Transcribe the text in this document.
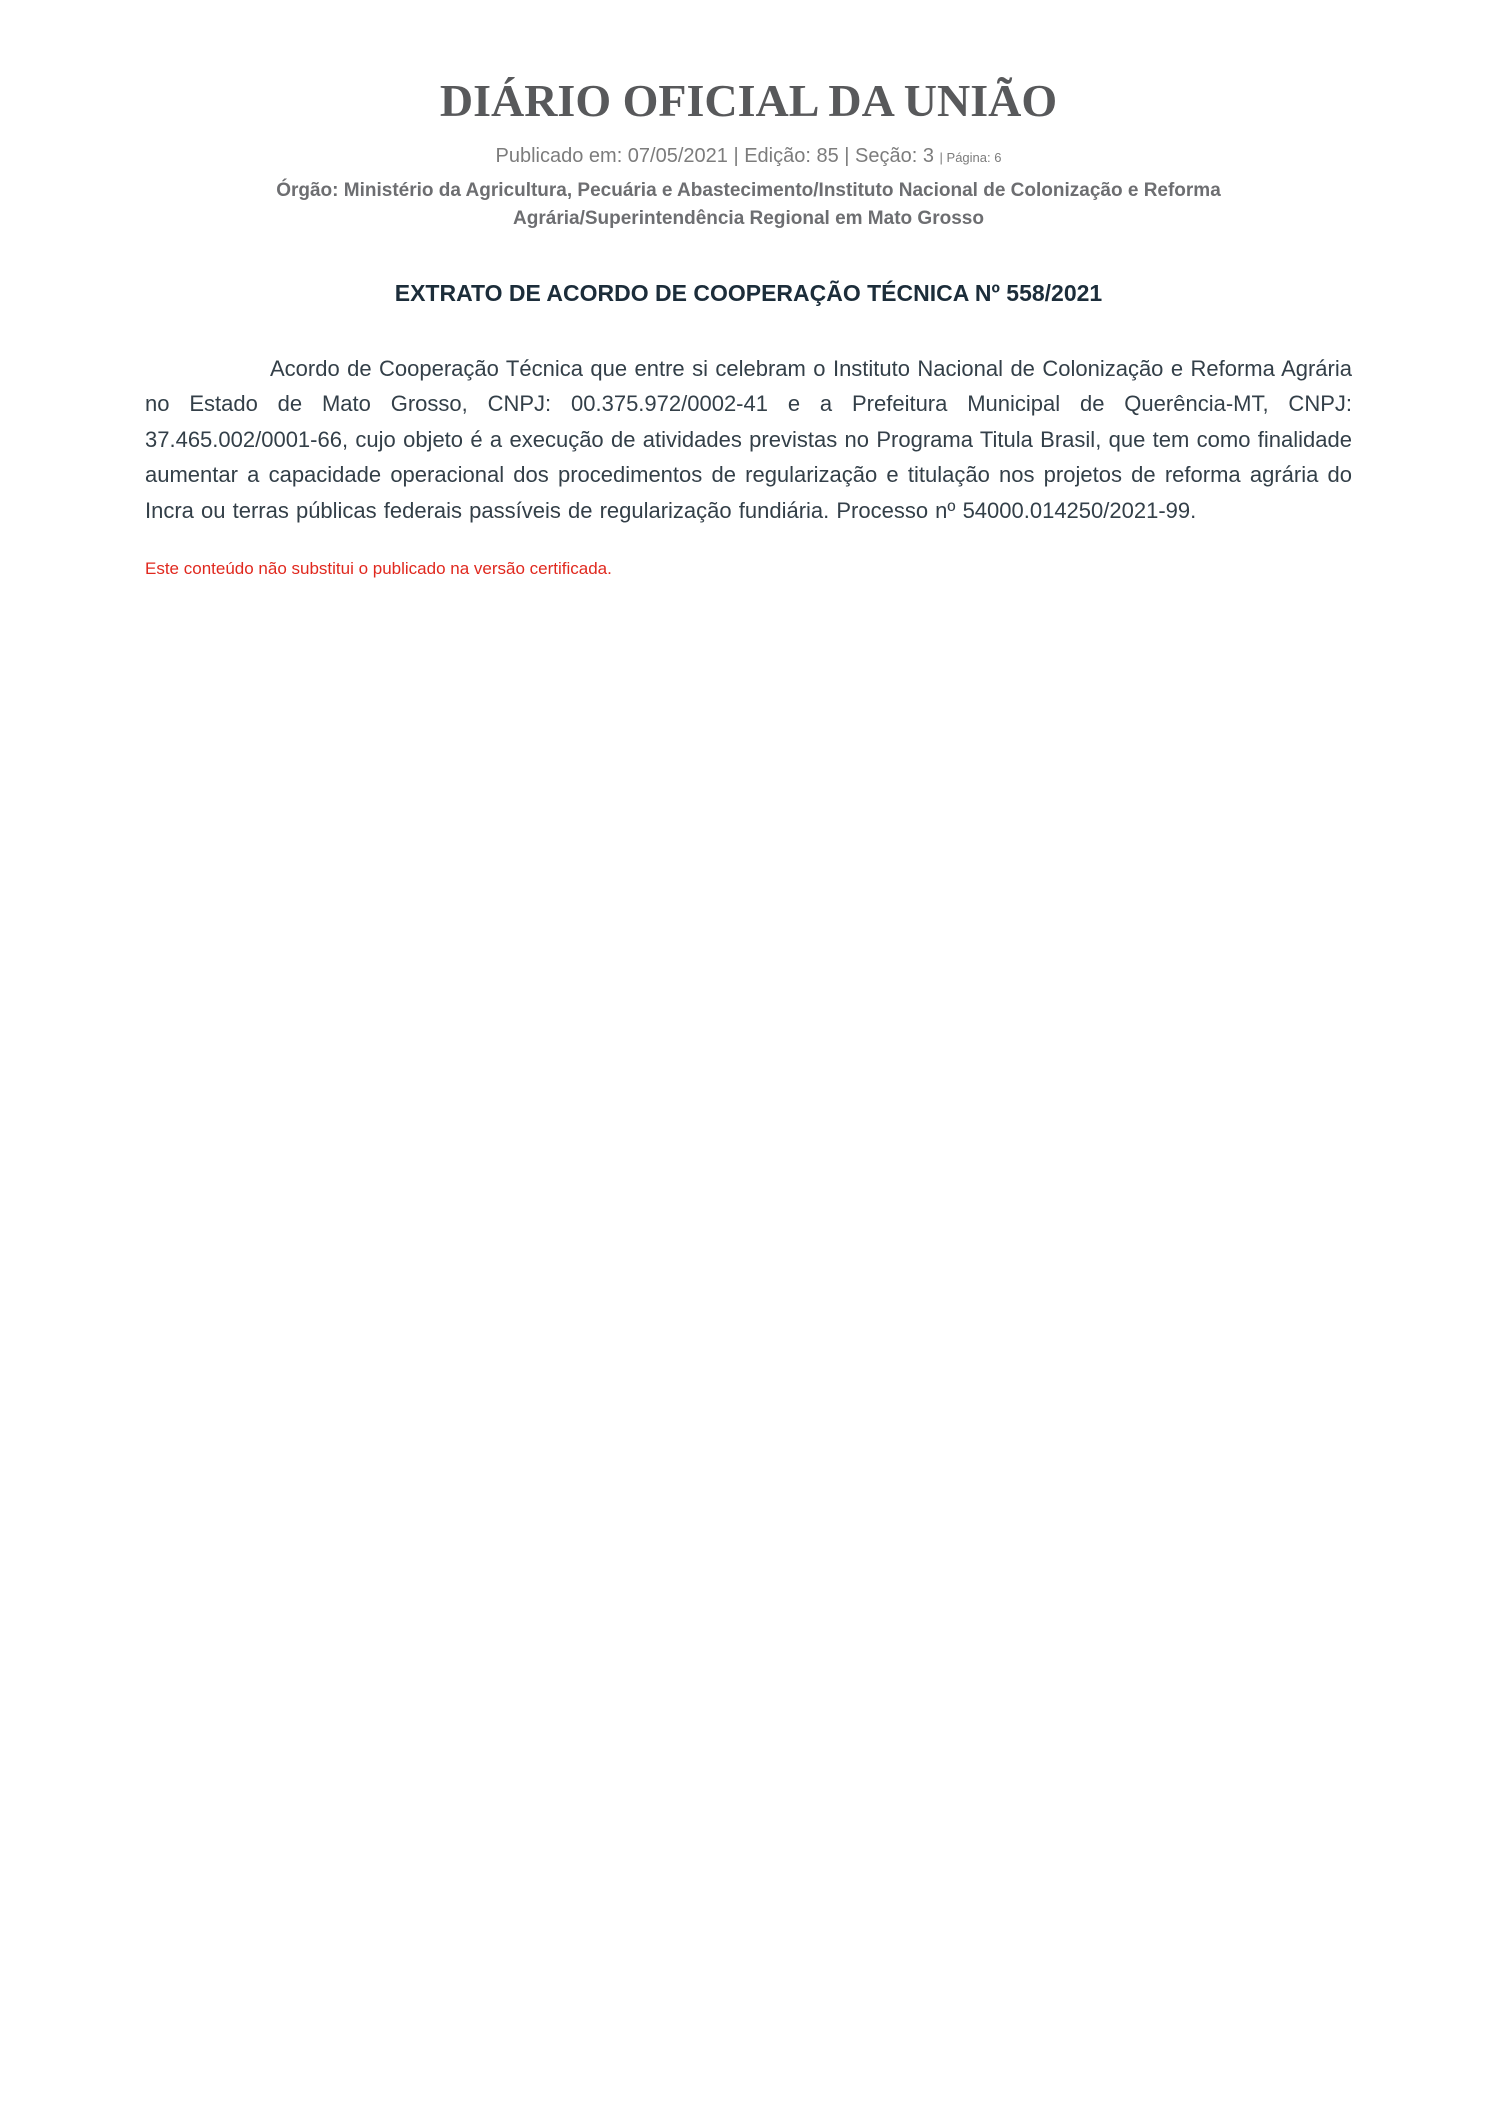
DIÁRIO OFICIAL DA UNIÃO
Publicado em: 07/05/2021 | Edição: 85 | Seção: 3 | Página: 6
Órgão: Ministério da Agricultura, Pecuária e Abastecimento/Instituto Nacional de Colonização e Reforma Agrária/Superintendência Regional em Mato Grosso
EXTRATO DE ACORDO DE COOPERAÇÃO TÉCNICA Nº 558/2021

Acordo de Cooperação Técnica que entre si celebram o Instituto Nacional de Colonização e Reforma Agrária no Estado de Mato Grosso, CNPJ: 00.375.972/0002-41 e a Prefeitura Municipal de Querência-MT, CNPJ: 37.465.002/0001-66, cujo objeto é a execução de atividades previstas no Programa Titula Brasil, que tem como finalidade aumentar a capacidade operacional dos procedimentos de regularização e titulação nos projetos de reforma agrária do Incra ou terras públicas federais passíveis de regularização fundiária. Processo nº 54000.014250/2021-99.

Este conteúdo não substitui o publicado na versão certificada.
